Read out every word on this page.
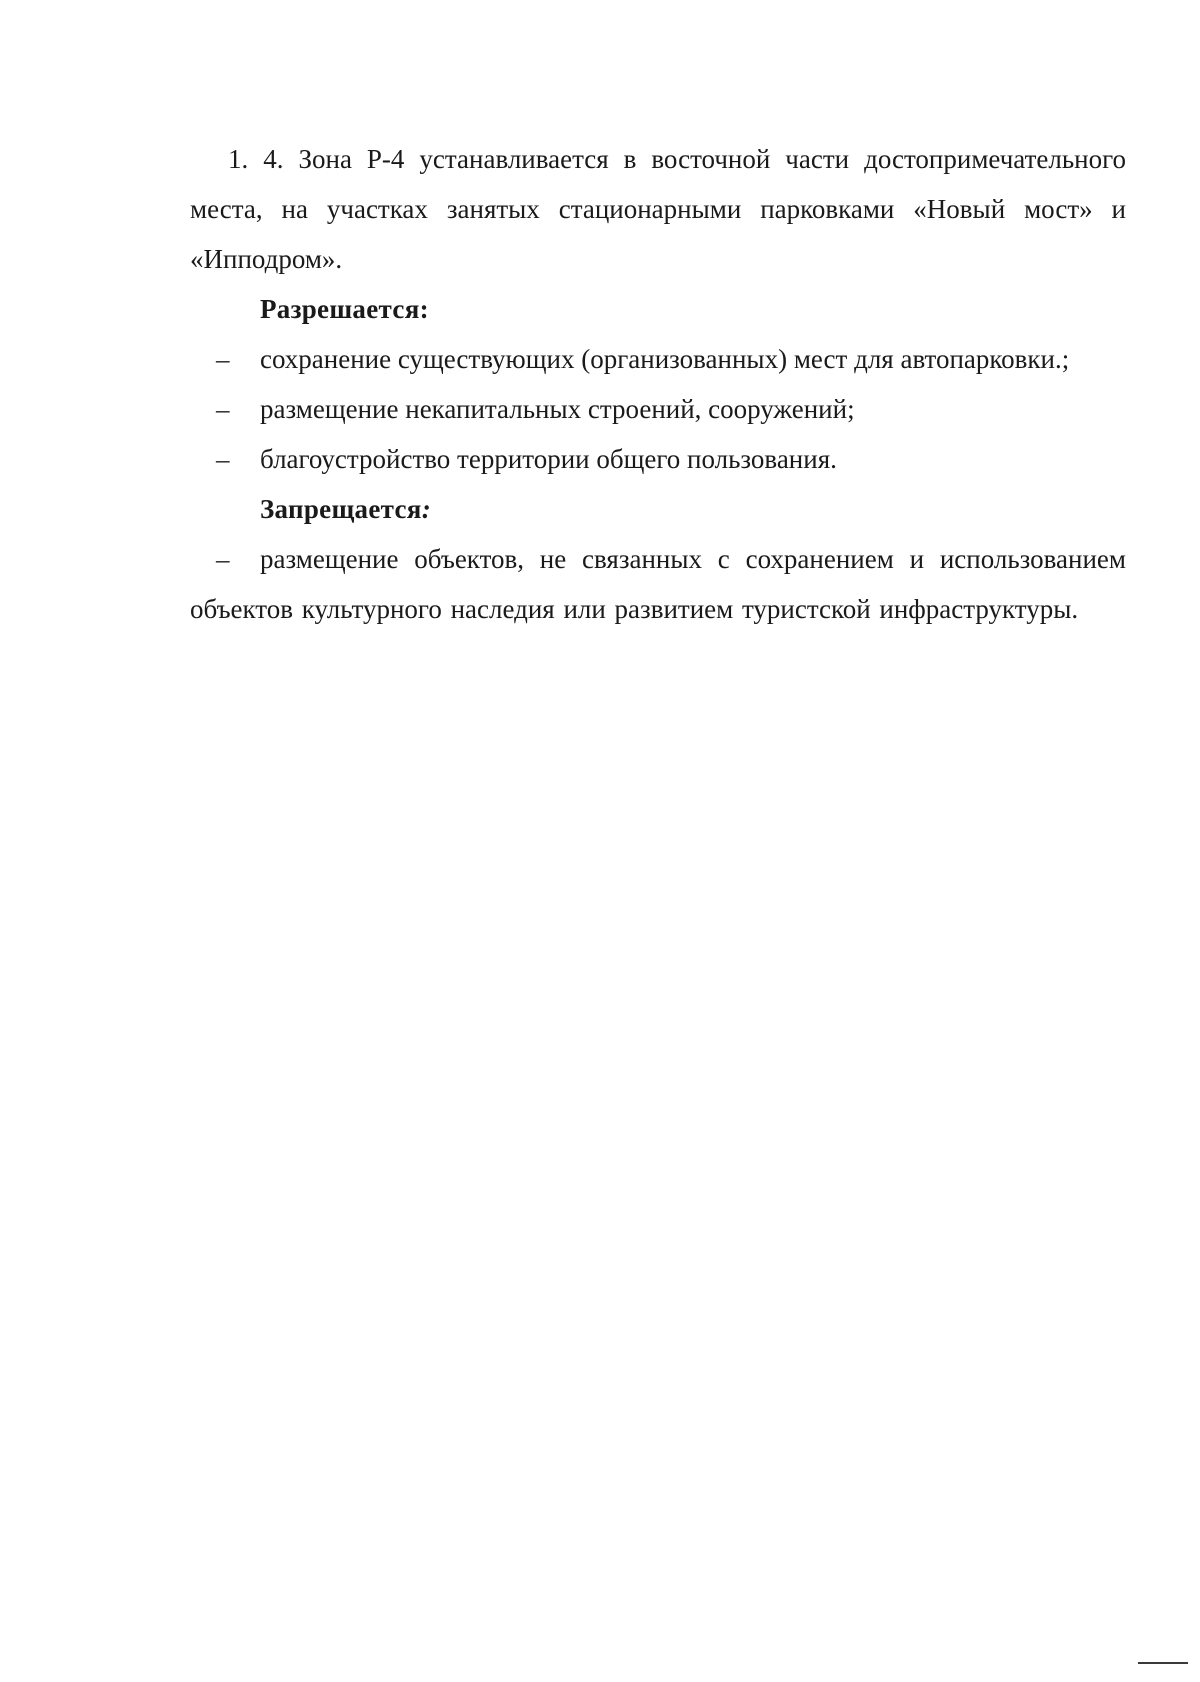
1. 4. Зона Р-4 устанавливается в восточной части достопримечательного места, на участках занятых стационарными парковками «Новый мост» и «Ипподром».

Разрешается:

– сохранение существующих (организованных) мест для автопарковки.;

– размещение некапитальных строений, сооружений;

– благоустройство территории общего пользования.

Запрещается:

– размещение объектов, не связанных с сохранением и использованием объектов культурного наследия или развитием туристской инфраструктуры.
